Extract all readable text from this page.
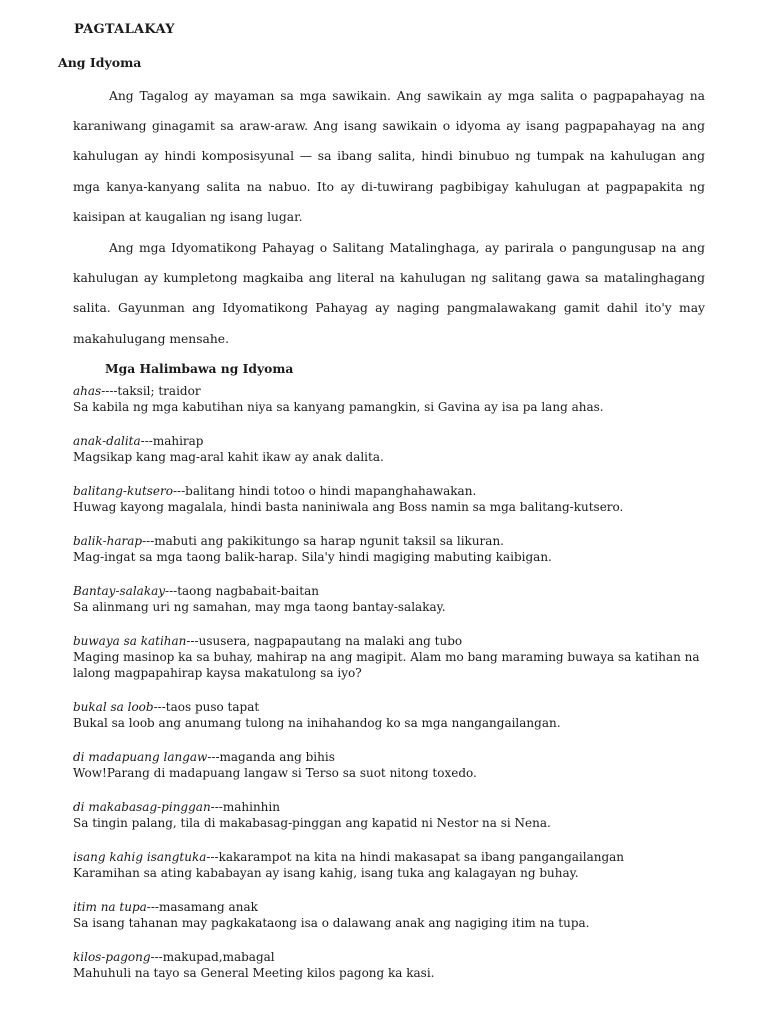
PAGTALAKAY
Ang Idyoma

Ang Tagalog ay mayaman sa mga sawikain. Ang sawikain ay mga salita o pagpapahayag na karaniwang ginagamit sa araw-araw. Ang isang sawikain o idyoma ay isang pagpapahayag na ang kahulugan ay hindi komposisyunal — sa ibang salita, hindi binubuo ng tumpak na kahulugan ang mga kanya-kanyang salita na nabuo. Ito ay di-tuwirang pagbibigay kahulugan at pagpapakita ng kaisipan at kaugalian ng isang lugar.

Ang mga Idyomatikong Pahayag o Salitang Matalinghaga, ay parirala o pangungusap na ang kahulugan ay kumpletong magkaiba ang literal na kahulugan ng salitang gawa sa matalinghagang salita. Gayunman ang Idyomatikong Pahayag ay naging pangmalawakang gamit dahil ito'y may makahulugang mensahe.

Mga Halimbawa ng Idyoma
ahas----taksil; traidor
Sa kabila ng mga kabutihan niya sa kanyang pamangkin, si Gavina ay isa pa lang ahas.
anak-dalita---mahirap
Magsikap kang mag-aral kahit ikaw ay anak dalita.
balitang-kutsero---balitang hindi totoo o hindi mapanghahawakan.
Huwag kayong magalala, hindi basta naniniwala ang Boss namin sa mga balitang-kutsero.
balik-harap---mabuti ang pakikitungo sa harap ngunit taksil sa likuran.
Mag-ingat sa mga taong balik-harap. Sila'y hindi magiging mabuting kaibigan.
Bantay-salakay---taong nagbabait-baitan
Sa alinmang uri ng samahan, may mga taong bantay-salakay.
buwaya sa katihan---ususera, nagpapautang na malaki ang tubo
Maging masinop ka sa buhay, mahirap na ang magipit. Alam mo bang maraming buwaya sa katihan na lalong magpapahirap kaysa makatulong sa iyo?
bukal sa loob---taos puso tapat
Bukal sa loob ang anumang tulong na inihahandog ko sa mga nangangailangan.
di madapuang langaw---maganda ang bihis
Wow!Parang di madapuang langaw si Terso sa suot nitong toxedo.
di makabasag-pinggan---mahinhin
Sa tingin palang, tila di makabasag-pinggan ang kapatid ni Nestor na si Nena.
isang kahig isangtuka---kakarampot na kita na hindi makasapat sa ibang pangangailangan
Karamihan sa ating kababayan ay isang kahig, isang tuka ang kalagayan ng buhay.
itim na tupa---masamang anak
Sa isang tahanan may pagkakataong isa o dalawang anak ang nagiging itim na tupa.
kilos-pagong---makupad,mabagal
Mahuhuli na tayo sa General Meeting kilos pagong ka kasi.
